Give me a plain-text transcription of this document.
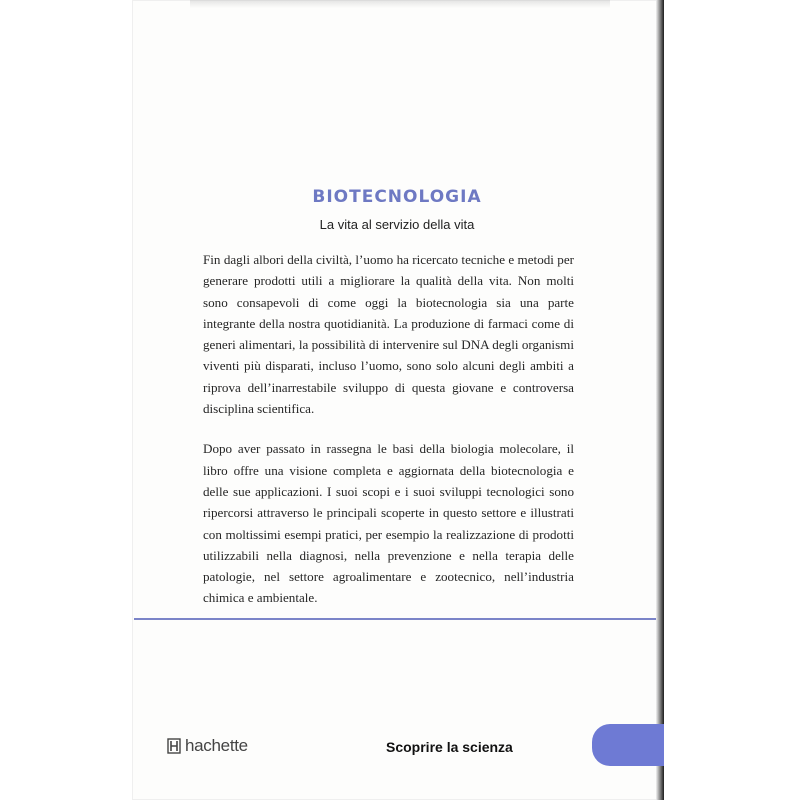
BIOTECNOLOGIA
La vita al servizio della vita

Fin dagli albori della civiltà, l’uomo ha ricercato tecniche e metodi per generare prodotti utili a migliorare la qualità della vita. Non molti sono consapevoli di come oggi la biotecnologia sia una parte integrante della nostra quotidianità. La produzione di farmaci come di generi alimentari, la possibilità di intervenire sul DNA degli organismi viventi più disparati, incluso l’uomo, sono solo alcuni degli ambiti a riprova dell’inarrestabile sviluppo di questa giovane e controversa disciplina scientifica.

Dopo aver passato in rassegna le basi della biologia molecolare, il libro offre una visione completa e aggiornata della biotecnologia e delle sue applicazioni. I suoi scopi e i suoi sviluppi tecnologici sono ripercorsi attraverso le principali scoperte in questo settore e illustrati con moltissimi esempi pratici, per esempio la realizzazione di prodotti utilizzabili nella diagnosi, nella prevenzione e nella terapia delle patologie, nel settore agroalimentare e zootecnico, nell’industria chimica e ambientale.

hachette	Scoprire la scienza
